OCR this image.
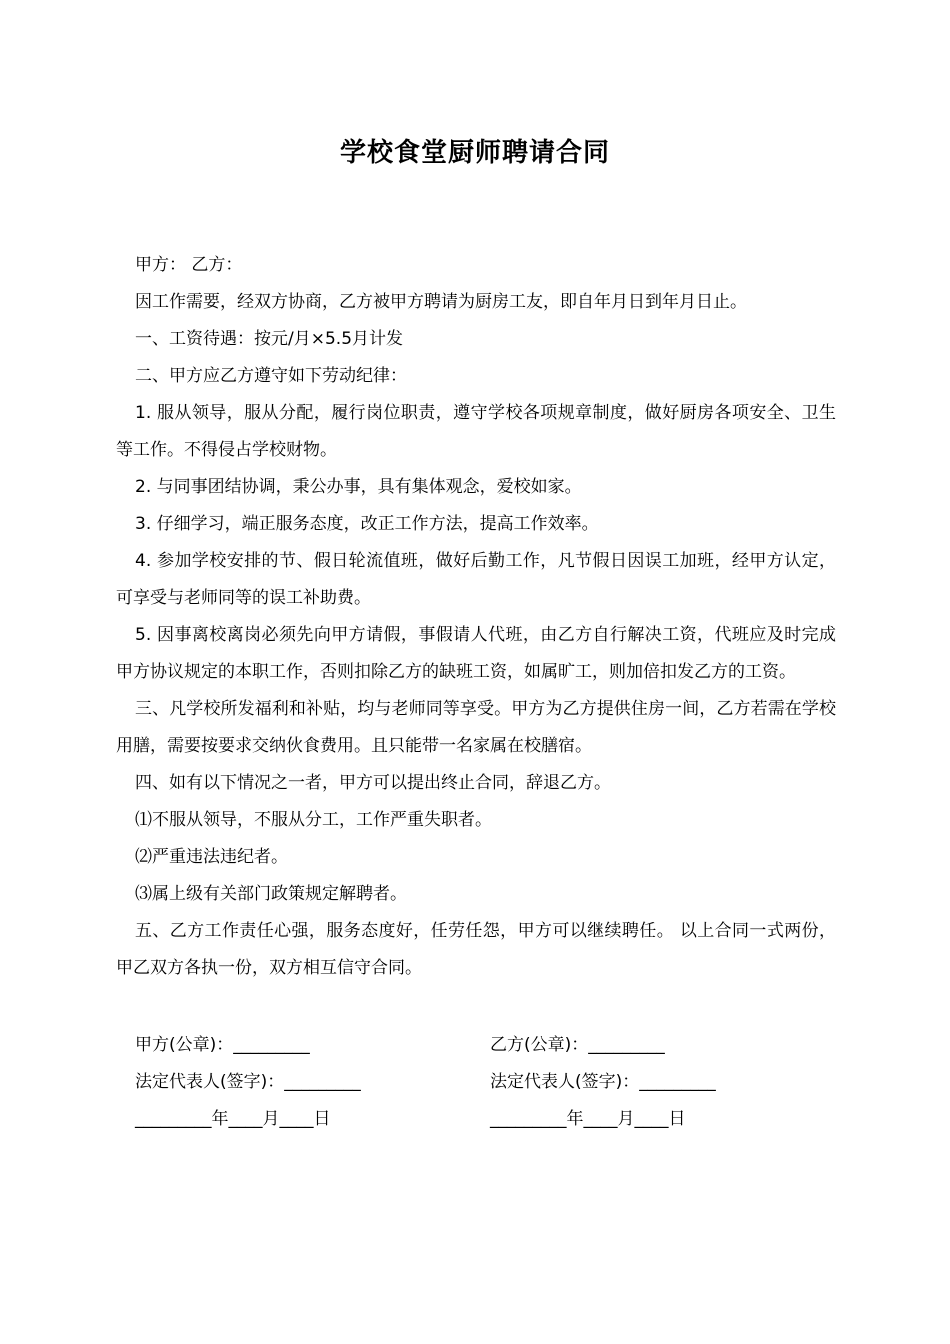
学校食堂厨师聘请合同

甲方： 乙方：

因工作需要，经双方协商，乙方被甲方聘请为厨房工友，即自年月日到年月日止。

一、工资待遇：按元/月×5.5月计发

二、甲方应乙方遵守如下劳动纪律：

1. 服从领导，服从分配，履行岗位职责，遵守学校各项规章制度，做好厨房各项安全、卫生等工作。不得侵占学校财物。

2. 与同事团结协调，秉公办事，具有集体观念，爱校如家。

3. 仔细学习，端正服务态度，改正工作方法，提高工作效率。

4. 参加学校安排的节、假日轮流值班，做好后勤工作，凡节假日因误工加班，经甲方认定，可享受与老师同等的误工补助费。

5. 因事离校离岗必须先向甲方请假，事假请人代班，由乙方自行解决工资，代班应及时完成甲方协议规定的本职工作，否则扣除乙方的缺班工资，如属旷工，则加倍扣发乙方的工资。

三、凡学校所发福利和补贴，均与老师同等享受。甲方为乙方提供住房一间，乙方若需在学校用膳，需要按要求交纳伙食费用。且只能带一名家属在校膳宿。

四、如有以下情况之一者，甲方可以提出终止合同，辞退乙方。

⑴不服从领导，不服从分工，工作严重失职者。

⑵严重违法违纪者。

⑶属上级有关部门政策规定解聘者。

五、乙方工作责任心强，服务态度好，任劳任怨，甲方可以继续聘任。 以上合同一式两份，甲乙双方各执一份，双方相互信守合同。

甲方(公章)：_________	乙方(公章)：_________
法定代表人(签字)：_________	法定代表人(签字)：_________
_________年____月____日	_________年____月____日
